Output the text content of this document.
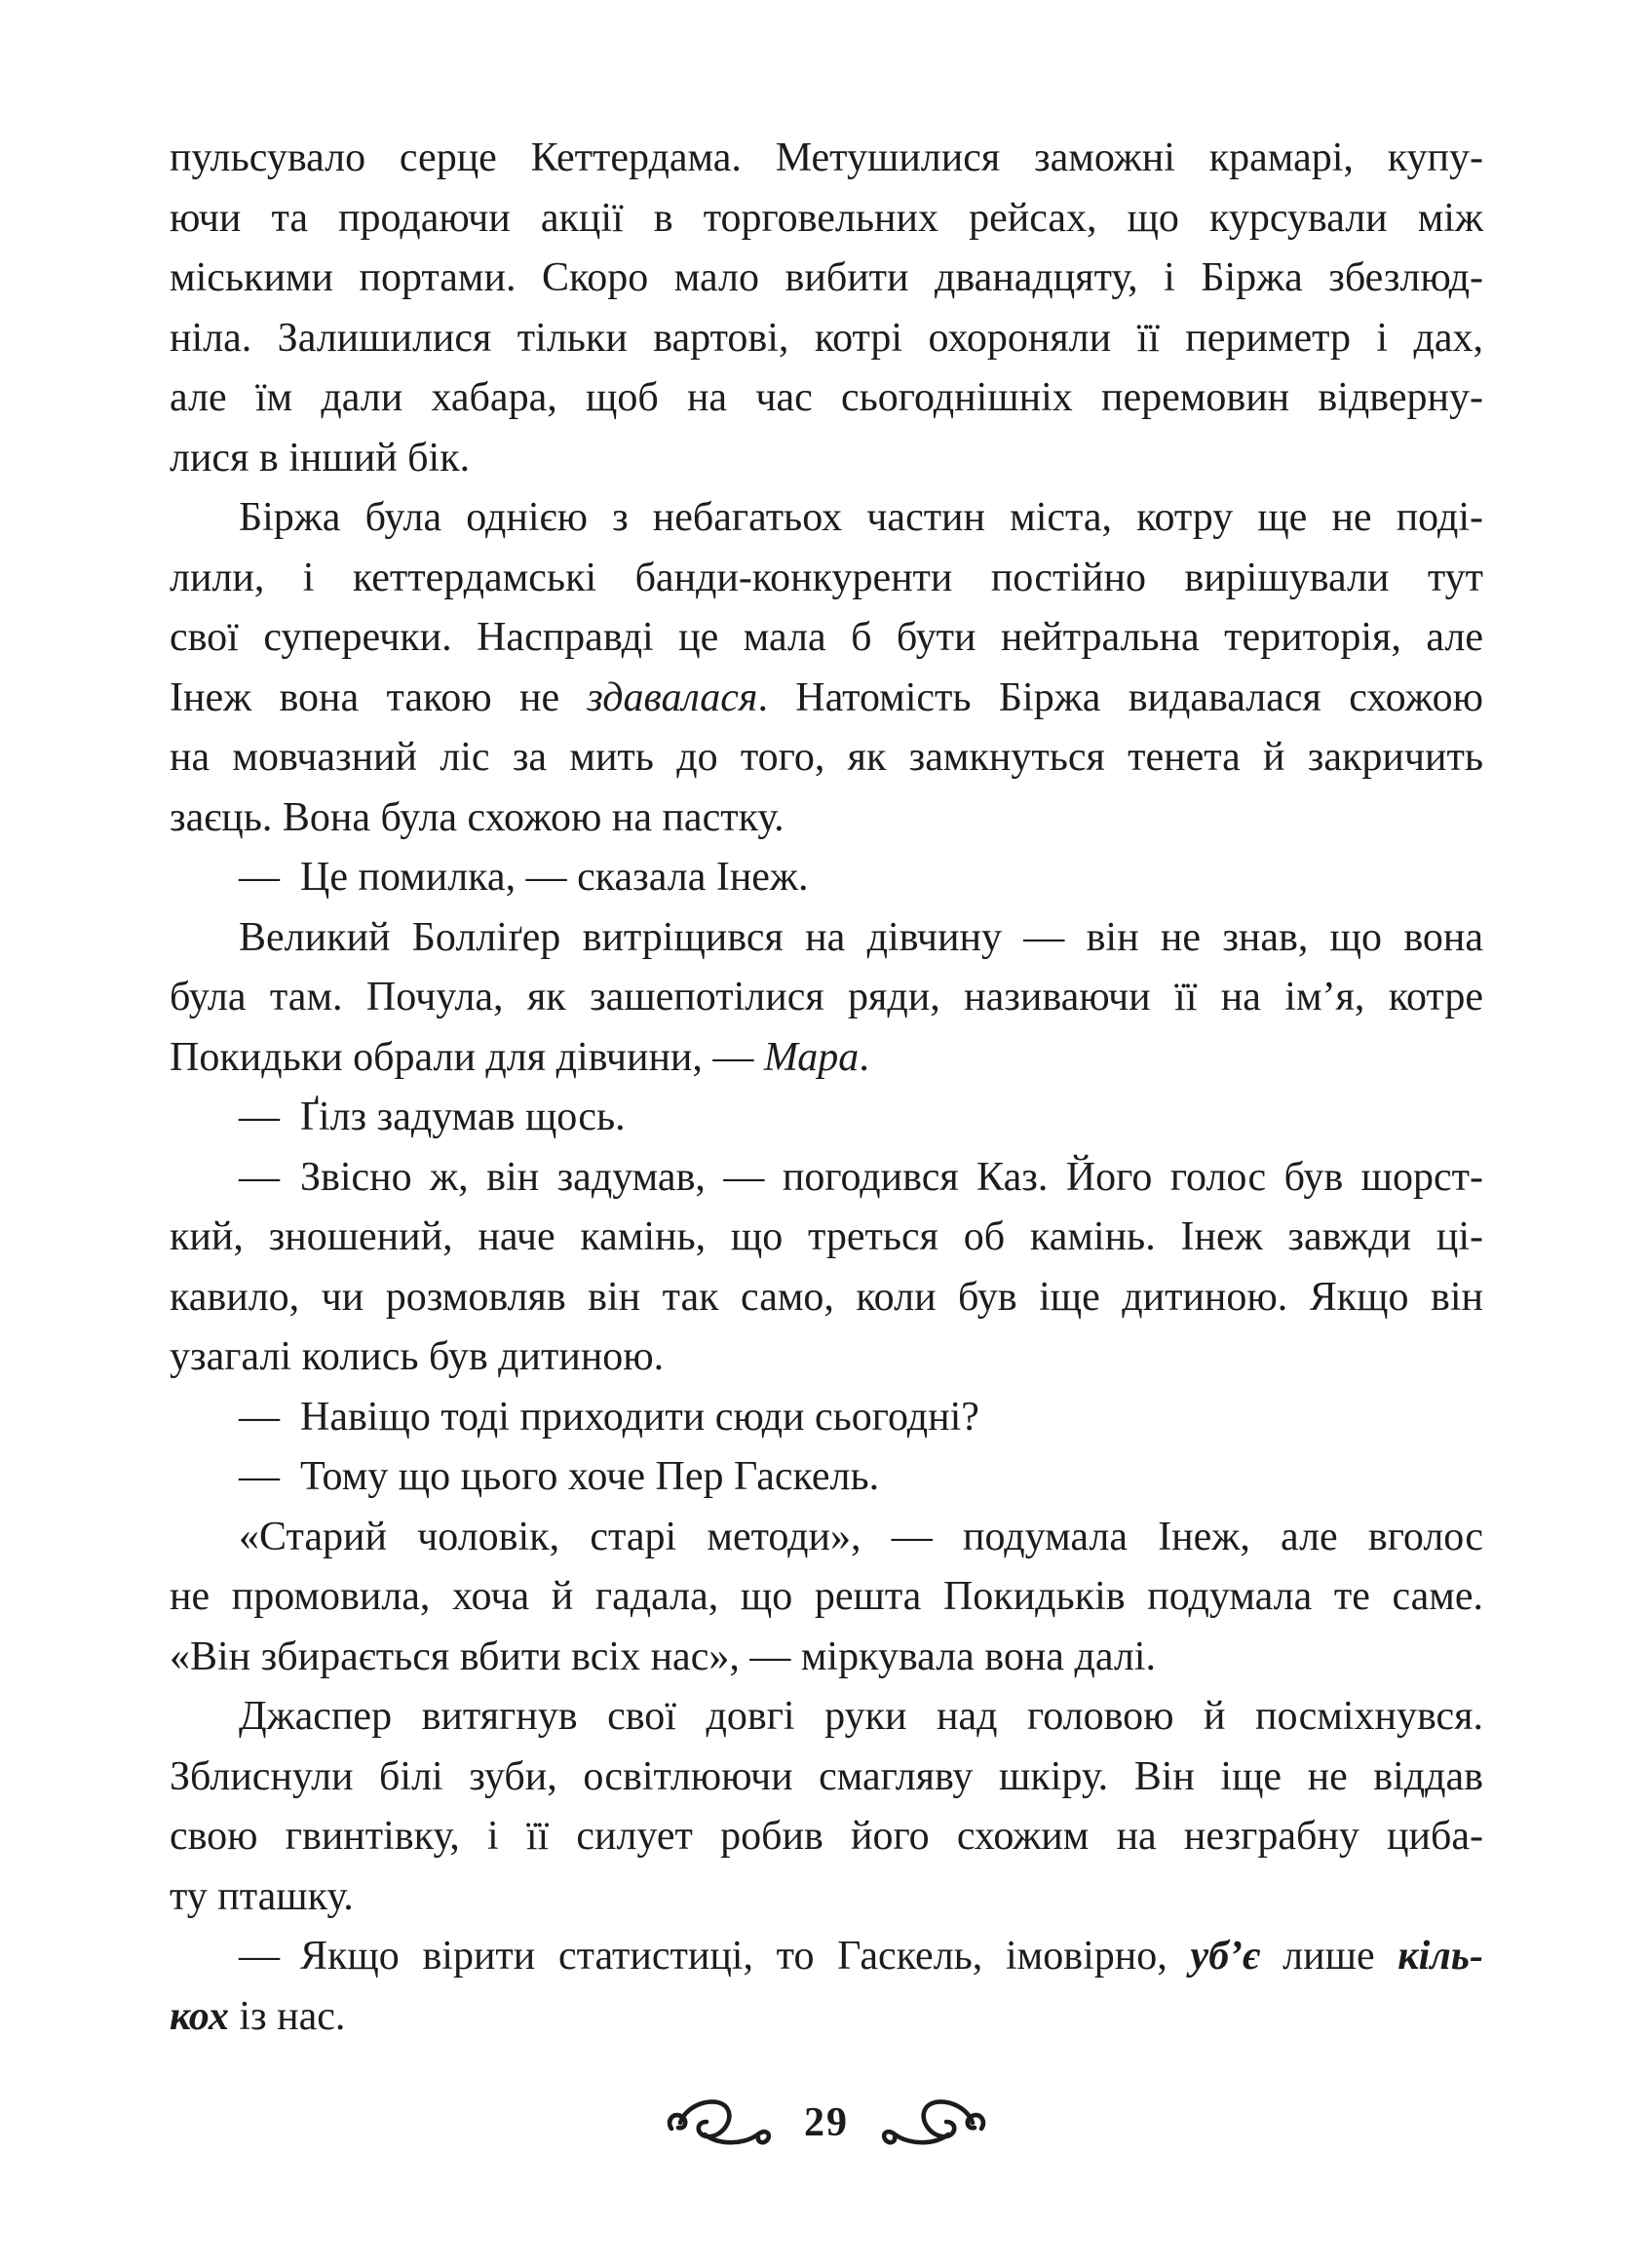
пульсувало серце Кеттердама. Метушилися заможні крамарі, купу-
ючи та продаючи акції в торговельних рейсах, що курсували між
міськими портами. Скоро мало вибити дванадцяту, і Біржа збезлюд-
ніла. Залишилися тільки вартові, котрі охороняли її периметр і дах,
але їм дали хабара, щоб на час сьогоднішніх перемовин відверну-
лися в інший бік.
Біржа була однією з небагатьох частин міста, котру ще не поді-
лили, і кеттердамські банди-конкуренти постійно вирішували тут
свої суперечки. Насправді це мала б бути нейтральна територія, але
Інеж вона такою не здавалася. Натомість Біржа видавалася схожою
на мовчазний ліс за мить до того, як замкнуться тенета й закричить
заєць. Вона була схожою на пастку.
— Це помилка, — сказала Інеж.
Великий Болліґер витріщився на дівчину — він не знав, що вона
була там. Почула, як зашепотілися ряди, називаючи її на ім’я, котре
Покидьки обрали для дівчини, — Мара.
— Ґілз задумав щось.
— Звісно ж, він задумав, — погодився Каз. Його голос був шорст-
кий, зношений, наче камінь, що треться об камінь. Інеж завжди ці-
кавило, чи розмовляв він так само, коли був іще дитиною. Якщо він
узагалі колись був дитиною.
— Навіщо тоді приходити сюди сьогодні?
— Тому що цього хоче Пер Гаскель.
«Старий чоловік, старі методи», — подумала Інеж, але вголос
не промовила, хоча й гадала, що решта Покидьків подумала те саме.
«Він збирається вбити всіх нас», — міркувала вона далі.
Джаспер витягнув свої довгі руки над головою й посміхнувся.
Зблиснули білі зуби, освітлюючи смагляву шкіру. Він іще не віддав
свою гвинтівку, і її силует робив його схожим на незграбну циба-
ту пташку.
— Якщо вірити статистиці, то Гаскель, імовірно, уб’є лише кіль-
кох із нас.
29
